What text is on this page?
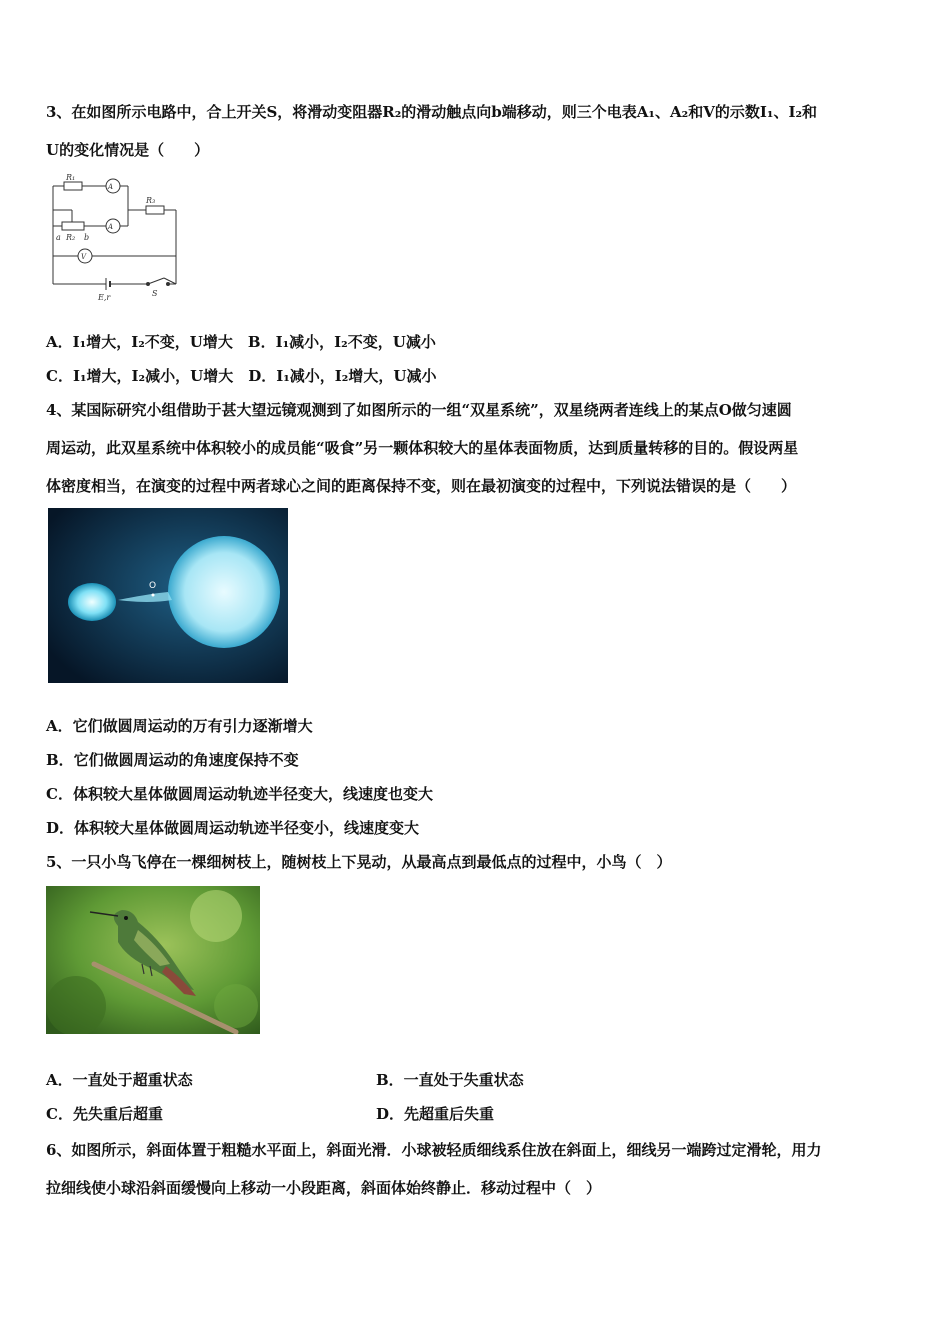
3、在如图所示电路中，合上开关S，将滑动变阻器R₂的滑动触点向b端移动，则三个电表A₁、A₂和V的示数I₁、I₂和
U的变化情况是（　　）
A
A
V
R₁
R₃
R₂
a	b
S
E,r
A．I₁增大，I₂不变，U增大　B．I₁减小，I₂不变，U减小
C．I₁增大，I₂减小，U增大　D．I₁减小，I₂增大，U减小
4、某国际研究小组借助于甚大望远镜观测到了如图所示的一组“双星系统”，双星绕两者连线上的某点O做匀速圆
周运动，此双星系统中体积较小的成员能“吸食”另一颗体积较大的星体表面物质，达到质量转移的目的。假设两星
体密度相当，在演变的过程中两者球心之间的距离保持不变，则在最初演变的过程中，下列说法错误的是（　　）
O
A．它们做圆周运动的万有引力逐渐增大
B．它们做圆周运动的角速度保持不变
C．体积较大星体做圆周运动轨迹半径变大，线速度也变大
D．体积较大星体做圆周运动轨迹半径变小，线速度变大
5、一只小鸟飞停在一棵细树枝上，随树枝上下晃动，从最高点到最低点的过程中，小鸟（　）
A．一直处于超重状态	B．一直处于失重状态
C．先失重后超重	D．先超重后失重
6、如图所示，斜面体置于粗糙水平面上，斜面光滑．小球被轻质细线系住放在斜面上，细线另一端跨过定滑轮，用力
拉细线使小球沿斜面缓慢向上移动一小段距离，斜面体始终静止．移动过程中（　）
